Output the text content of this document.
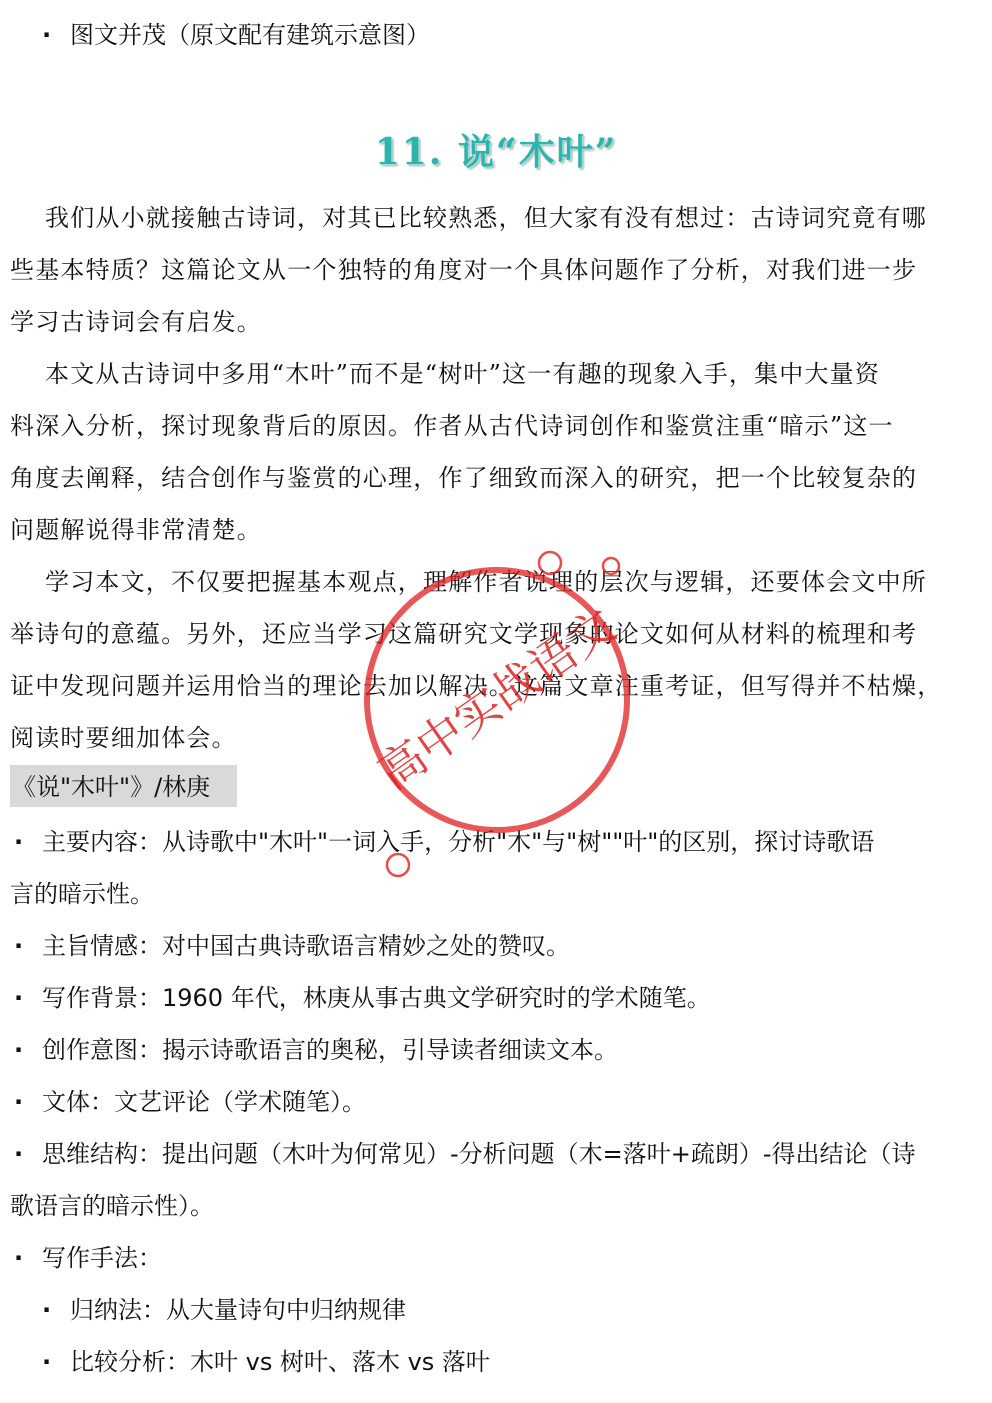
· 图文并茂（原文配有建筑示意图）
11. 说“木叶”
我们从小就接触古诗词，对其已比较熟悉，但大家有没有想过：古诗词究竟有哪
些基本特质？这篇论文从一个独特的角度对一个具体问题作了分析，对我们进一步
学习古诗词会有启发。
本文从古诗词中多用“木叶”而不是“树叶”这一有趣的现象入手，集中大量资
料深入分析，探讨现象背后的原因。作者从古代诗词创作和鉴赏注重“暗示”这一
角度去阐释，结合创作与鉴赏的心理，作了细致而深入的研究，把一个比较复杂的
问题解说得非常清楚。
学习本文，不仅要把握基本观点，理解作者说理的层次与逻辑，还要体会文中所
举诗句的意蕴。另外，还应当学习这篇研究文学现象的论文如何从材料的梳理和考
证中发现问题并运用恰当的理论去加以解决。这篇文章注重考证，但写得并不枯燥，
阅读时要细加体会。
《说"木叶"》/林庚
· 主要内容：从诗歌中"木叶"一词入手，分析"木"与"树""叶"的区别，探讨诗歌语
言的暗示性。
· 主旨情感：对中国古典诗歌语言精妙之处的赞叹。
· 写作背景：1960 年代，林庚从事古典文学研究时的学术随笔。
· 创作意图：揭示诗歌语言的奥秘，引导读者细读文本。
· 文体：文艺评论（学术随笔）。
· 思维结构：提出问题（木叶为何常见）-分析问题（木=落叶+疏朗）-得出结论（诗
歌语言的暗示性）。
· 写作手法：
· 归纳法：从大量诗句中归纳规律
· 比较分析：木叶 vs 树叶、落木 vs 落叶
高中实战语文
